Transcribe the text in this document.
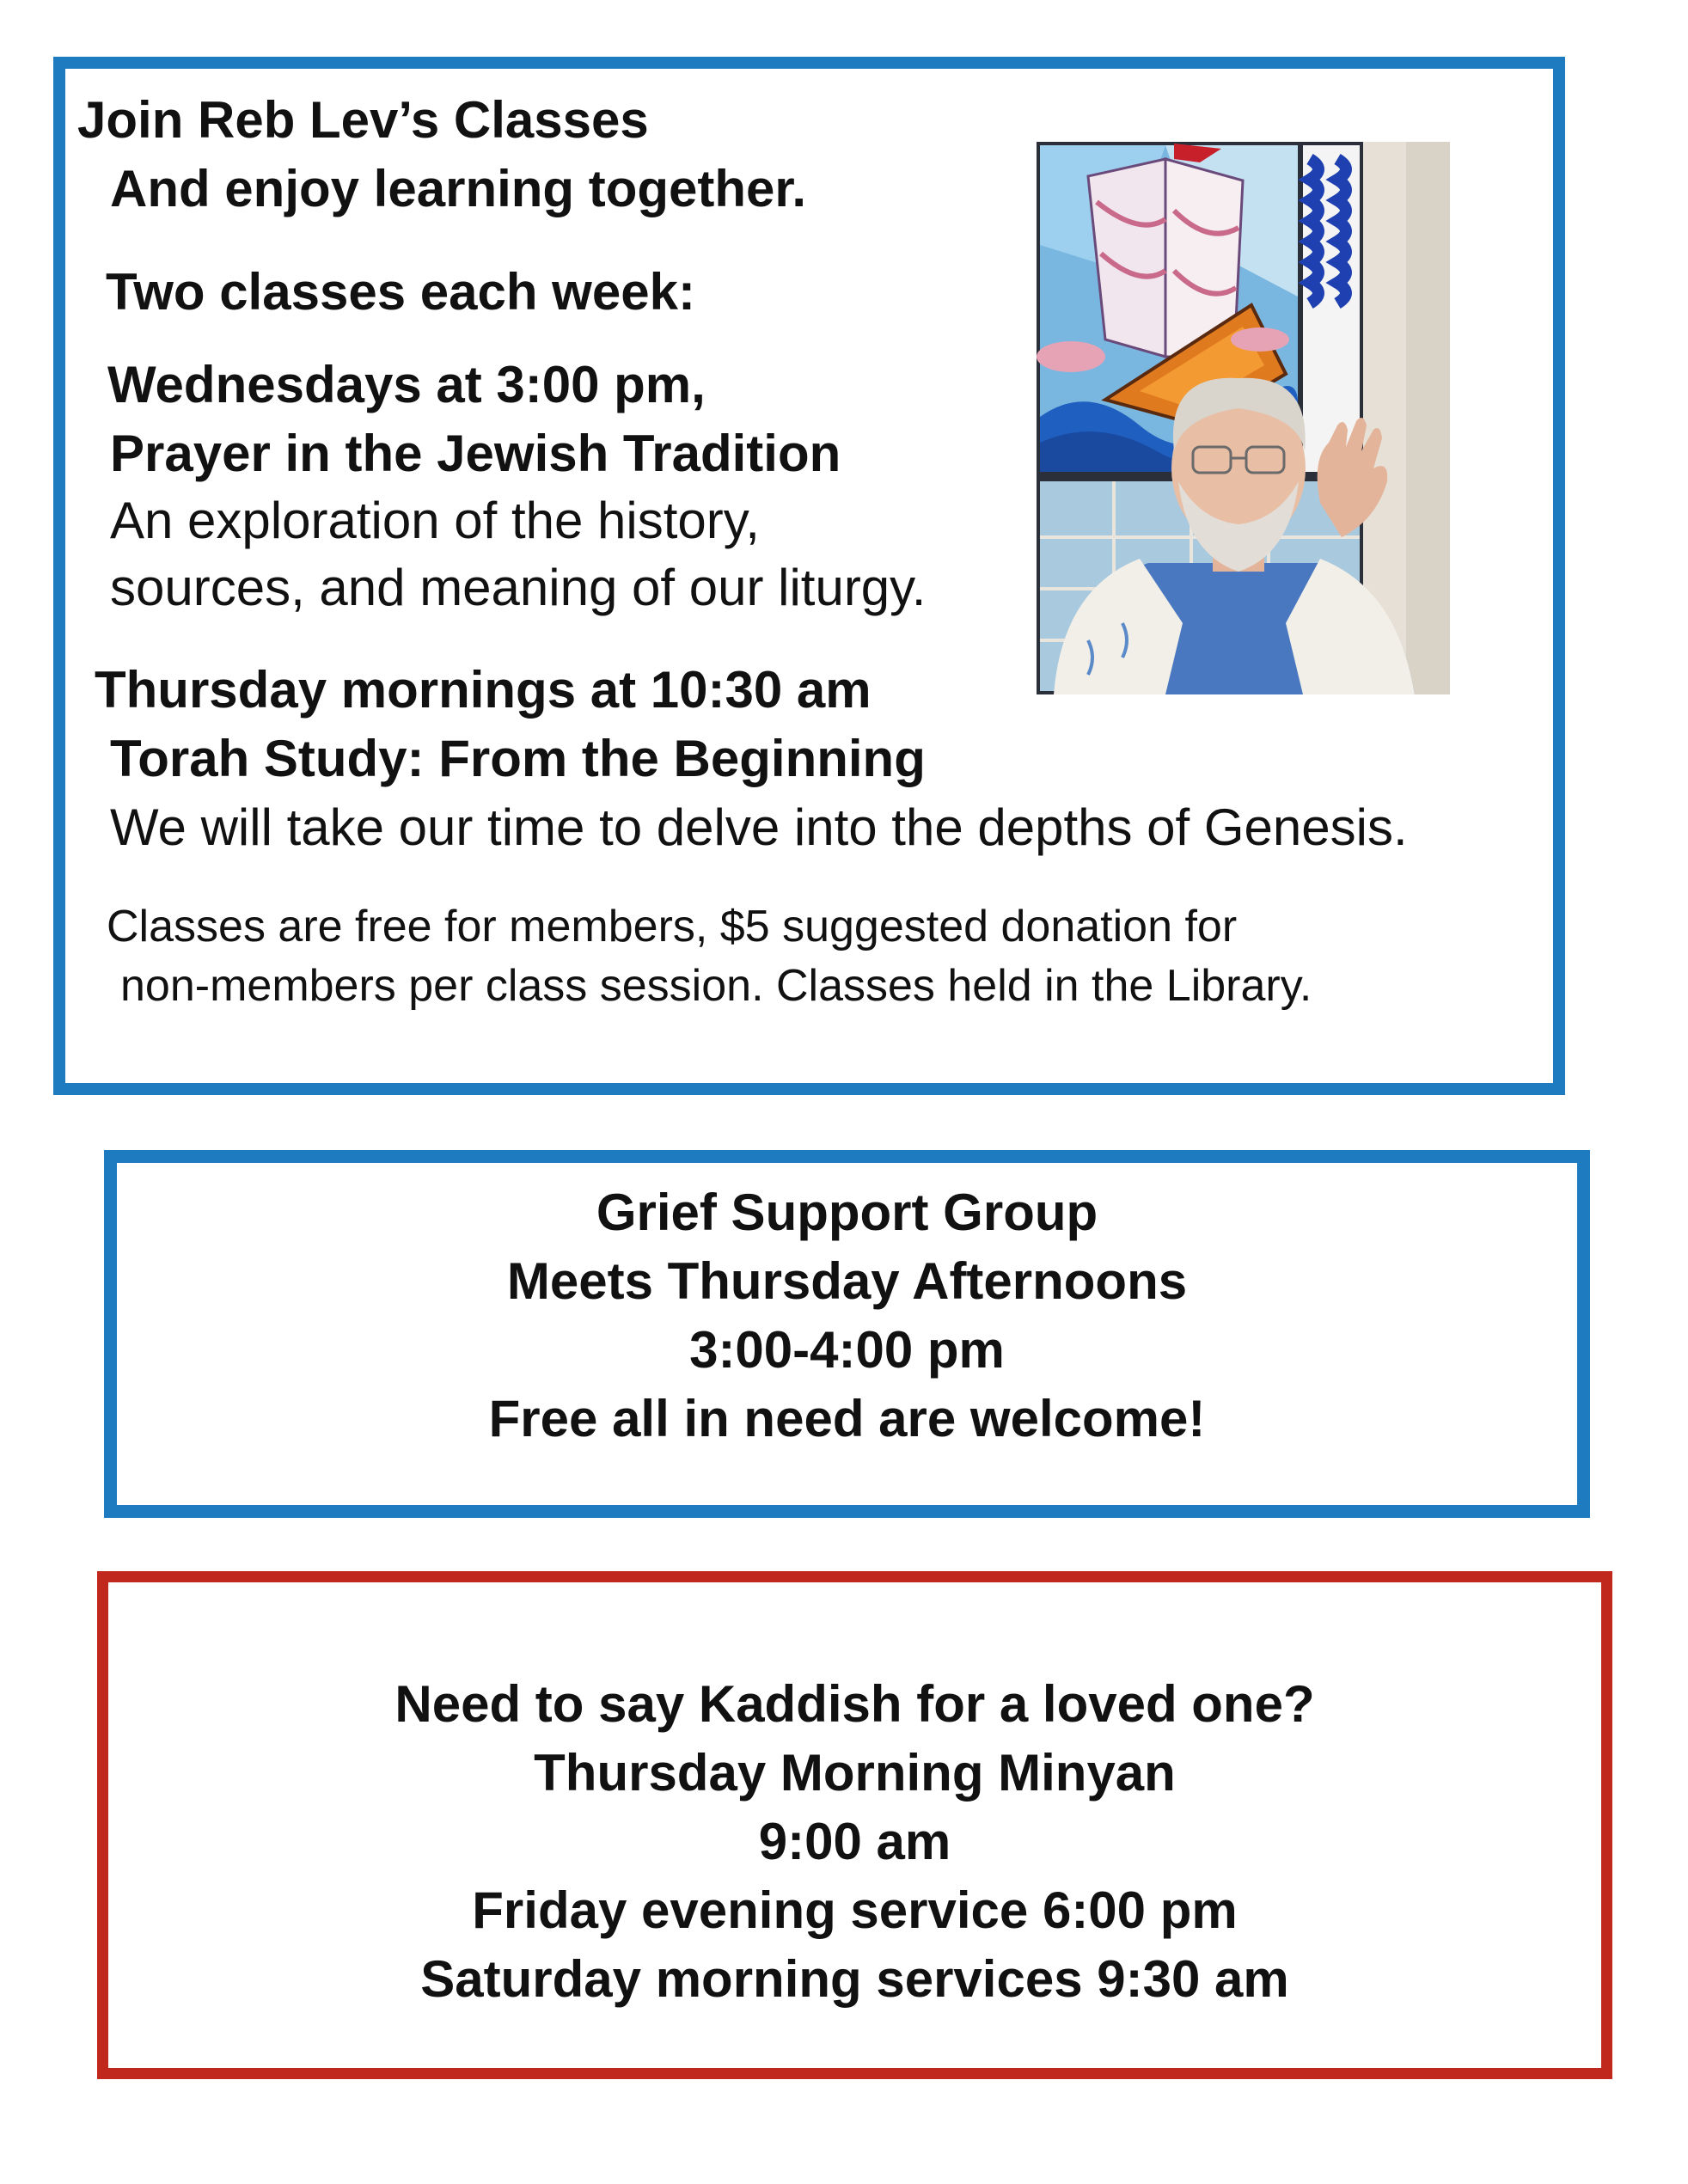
Join Reb Lev’s Classes
And enjoy learning together.
Two classes each week:
Wednesdays at 3:00 pm,
Prayer in the Jewish Tradition
An exploration of the history,
sources, and meaning of our liturgy.
Thursday mornings at 10:30 am
Torah Study: From the Beginning
We will take our time to delve into the depths of Genesis.
Classes are free for members, $5 suggested donation for
non-members per class session. Classes held in the Library.
Grief Support Group
Meets Thursday Afternoons
3:00-4:00 pm
Free all in need are welcome!
Need to say Kaddish for a loved one?
Thursday Morning Minyan
9:00 am
Friday evening service 6:00 pm
Saturday morning services 9:30 am
